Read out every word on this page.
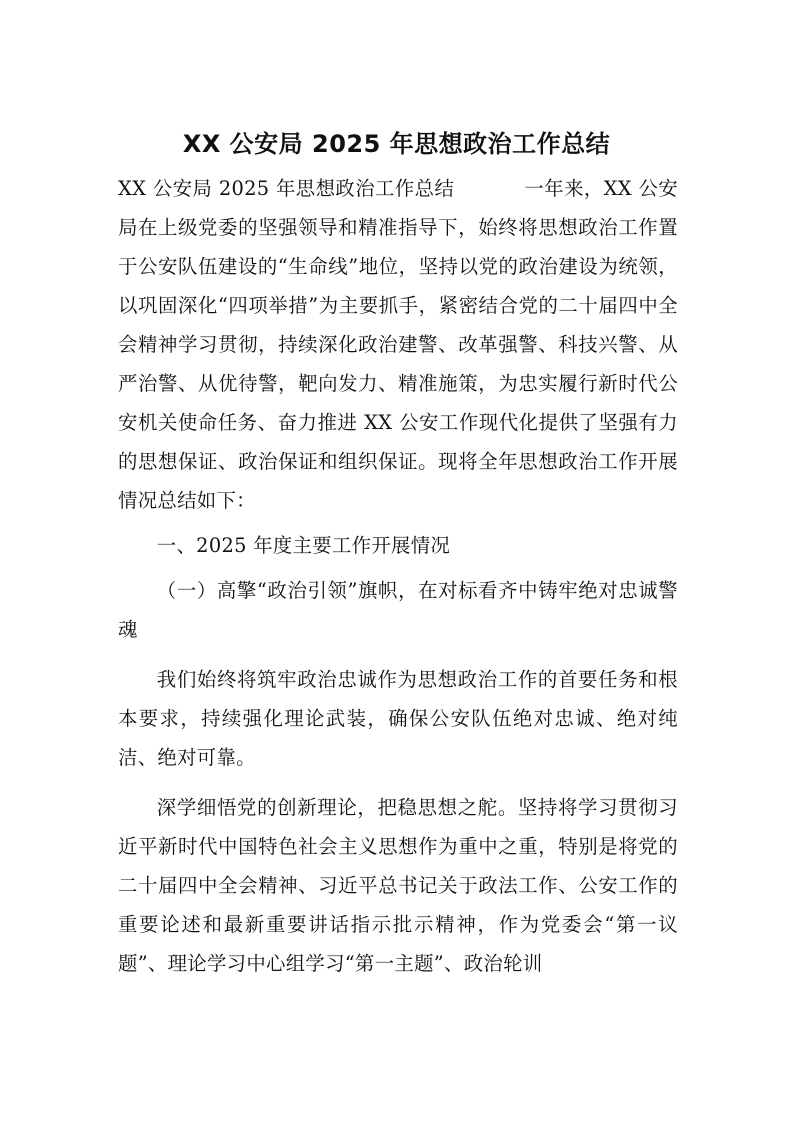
XX 公安局 2025 年思想政治工作总结

XX 公安局 2025 年思想政治工作总结	一年来，XX 公安局在上级党委的坚强领导和精准指导下，始终将思想政治工作置于公安队伍建设的“生命线”地位，坚持以党的政治建设为统领，以巩固深化“四项举措”为主要抓手，紧密结合党的二十届四中全会精神学习贯彻，持续深化政治建警、改革强警、科技兴警、从严治警、从优待警，靶向发力、精准施策，为忠实履行新时代公安机关使命任务、奋力推进 XX 公安工作现代化提供了坚强有力的思想保证、政治保证和组织保证。现将全年思想政治工作开展情况总结如下：

一、2025 年度主要工作开展情况

（一）高擎“政治引领”旗帜，在对标看齐中铸牢绝对忠诚警魂

我们始终将筑牢政治忠诚作为思想政治工作的首要任务和根本要求，持续强化理论武装，确保公安队伍绝对忠诚、绝对纯洁、绝对可靠。

深学细悟党的创新理论，把稳思想之舵。坚持将学习贯彻习近平新时代中国特色社会主义思想作为重中之重，特别是将党的二十届四中全会精神、习近平总书记关于政法工作、公安工作的重要论述和最新重要讲话指示批示精神，作为党委会“第一议题”、理论学习中心组学习“第一主题”、政治轮训
